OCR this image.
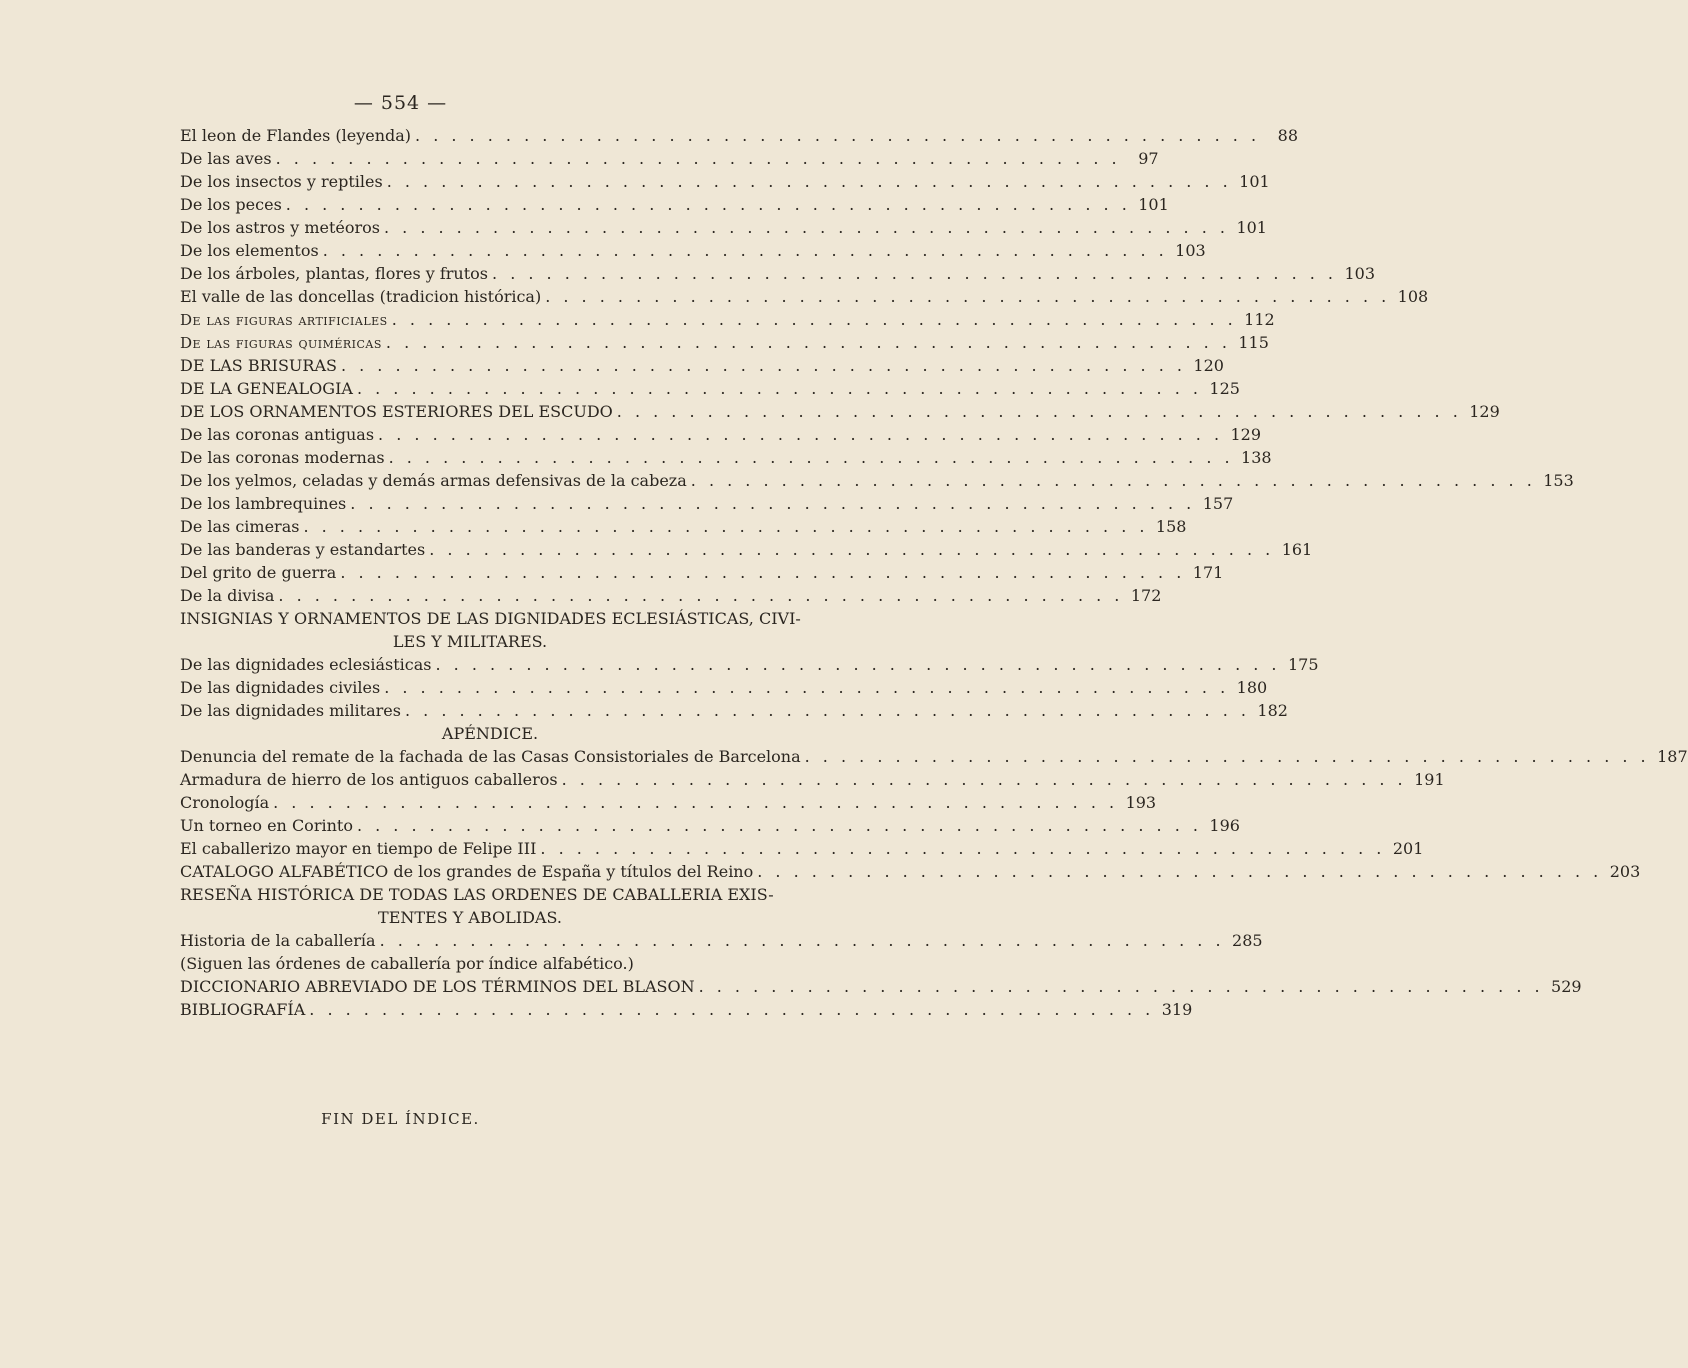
— 554 —
El leon de Flandes (leyenda) . . .	88
De las aves . . .	97
De los insectos y reptiles . . .	101
De los peces . . .	101
De los astros y metéoros . . .	101
De los elementos . . .	103
De los árboles, plantas, flores y frutos . . .	103
El valle de las doncellas (tradicion histórica) . . .	108
De las figuras artificiales . . .	112
De las figuras quiméricas . . .	115
DE LAS BRISURAS . . .	120
DE LA GENEALOGIA . . .	125
DE LOS ORNAMENTOS ESTERIORES DEL ESCUDO . . .	129
De las coronas antiguas . . .	129
De las coronas modernas . . .	138
De los yelmos, celadas y demás armas defensivas de la cabeza . . .	153
De los lambrequines . . .	157
De las cimeras . . .	158
De las banderas y estandartes . . .	161
Del grito de guerra . . .	171
De la divisa . . .	172
INSIGNIAS Y ORNAMENTOS DE LAS DIGNIDADES ECLESIÁSTICAS, CIVI-
LES Y MILITARES.
De las dignidades eclesiásticas . . .	175
De las dignidades civiles . . .	180
De las dignidades militares . . .	182
APÉNDICE.
Denuncia del remate de la fachada de las Casas Consistoriales de Barcelona . . .	187
Armadura de hierro de los antiguos caballeros . . .	191
Cronología . . .	193
Un torneo en Corinto . . .	196
El caballerizo mayor en tiempo de Felipe III . . .	201
CATALOGO ALFABÉTICO de los grandes de España y títulos del Reino . . .	203
RESEÑA HISTÓRICA DE TODAS LAS ORDENES DE CABALLERIA EXIS-
TENTES Y ABOLIDAS.
Historia de la caballería . . .	285
(Siguen las órdenes de caballería por índice alfabético.)
DICCIONARIO ABREVIADO DE LOS TÉRMINOS DEL BLASON . . .	529
BIBLIOGRAFÍA . . .	319
FIN DEL ÍNDICE.
